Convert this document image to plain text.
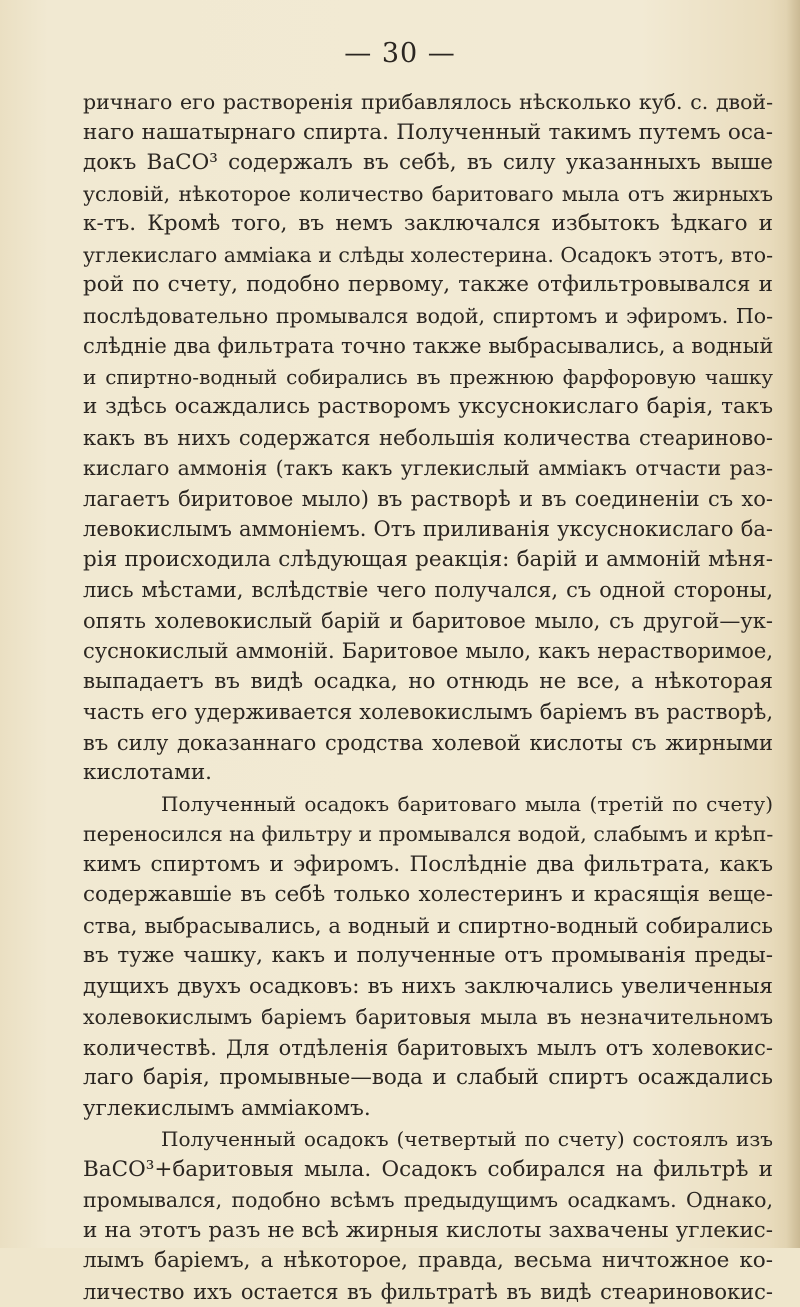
— 30 —
ричнаго его растворенія прибавлялось нѣсколько куб. с. двой-
наго нашатырнаго спирта. Полученный такимъ путемъ оса-
докъ BaCO³ содержалъ въ себѣ, въ силу указанныхъ выше
условій, нѣкоторое количество баритоваго мыла отъ жирныхъ
к-тъ. Кромѣ того, въ немъ заключался избытокъ ѣдкаго и
углекислаго амміака и слѣды холестерина. Осадокъ этотъ, вто-
рой по счету, подобно первому, также отфильтровывался и
послѣдовательно промывался водой, спиртомъ и эфиромъ. По-
слѣдніе два фильтрата точно также выбрасывались, а водный
и спиртно-водный собирались въ прежнюю фарфоровую чашку
и здѣсь осаждались растворомъ уксуснокислаго барія, такъ
какъ въ нихъ содержатся небольшія количества стеариново-
кислаго аммонія (такъ какъ углекислый амміакъ отчасти раз-
лагаетъ биритовое мыло) въ растворѣ и въ соединеніи съ хо-
левокислымъ аммоніемъ. Отъ приливанія уксуснокислаго ба-
рія происходила слѣдующая реакція: барій и аммоній мѣня-
лись мѣстами, вслѣдствіе чего получался, съ одной стороны,
опять холевокислый барій и баритовое мыло, съ другой—ук-
суснокислый аммоній. Баритовое мыло, какъ нерастворимое,
выпадаетъ въ видѣ осадка, но отнюдь не все, а нѣкоторая
часть его удерживается холевокислымъ баріемъ въ растворѣ,
въ силу доказаннаго сродства холевой кислоты съ жирными
кислотами.
Полученный осадокъ баритоваго мыла (третій по счету)
переносился на фильтру и промывался водой, слабымъ и крѣп-
кимъ спиртомъ и эфиромъ. Послѣдніе два фильтрата, какъ
содержавшіе въ себѣ только холестеринъ и красящія веще-
ства, выбрасывались, а водный и спиртно-водный собирались
въ туже чашку, какъ и полученные отъ промыванія преды-
дущихъ двухъ осадковъ: въ нихъ заключались увеличенныя
холевокислымъ баріемъ баритовыя мыла въ незначительномъ
количествѣ. Для отдѣленія баритовыхъ мылъ отъ холевокис-
лаго барія, промывные—вода и слабый спиртъ осаждались
углекислымъ амміакомъ.
Полученный осадокъ (четвертый по счету) состоялъ изъ
BaCO³+баритовыя мыла. Осадокъ собирался на фильтрѣ и
промывался, подобно всѣмъ предыдущимъ осадкамъ. Однако,
и на этотъ разъ не всѣ жирныя кислоты захвачены углекис-
лымъ баріемъ, а нѣкоторое, правда, весьма ничтожное ко-
личество ихъ остается въ фильтратѣ въ видѣ стеариновокис-
